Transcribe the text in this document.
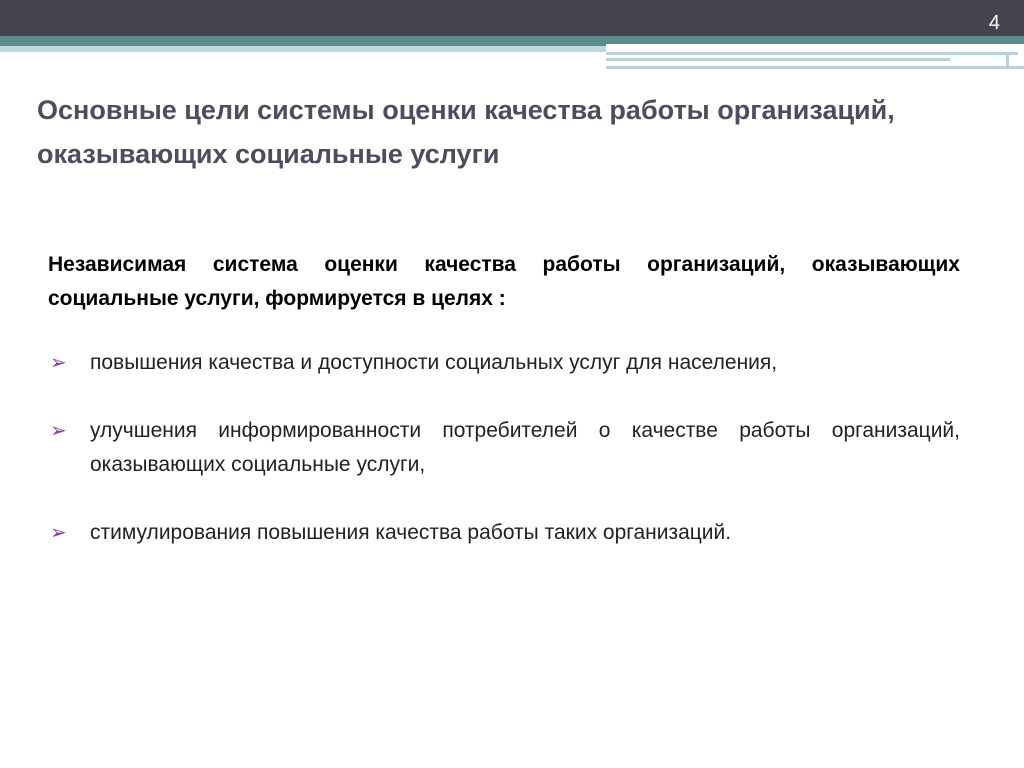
4
Основные цели системы оценки качества работы организаций,
оказывающих социальные услуги
Независимая система оценки качества работы организаций, оказывающих социальные услуги, формируется в целях :
➢ повышения качества и доступности социальных услуг для населения,
➢ улучшения информированности потребителей о качестве работы организаций, оказывающих социальные услуги,
➢ стимулирования повышения качества работы таких организаций.
